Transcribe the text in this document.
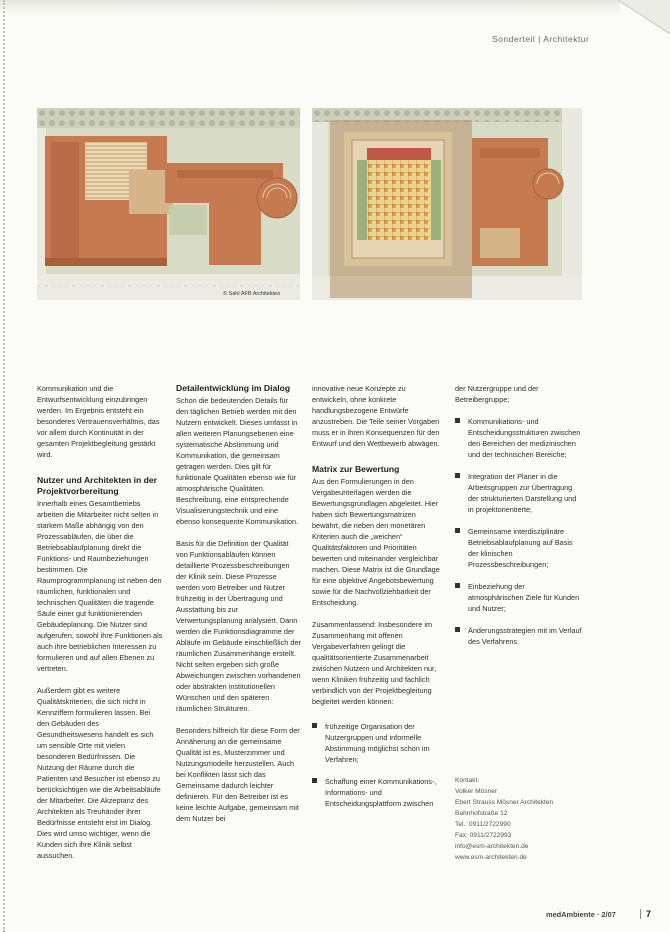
Sonderteil | Architektur
© Sahl AFB Architekten

Kommunikation und die Entwurfsentwicklung einzubringen werden. Im Ergebnis entsteht ein besonderes Vertrauensverhältnis, das vor allem durch Kontinuität in der gesamten Projektbegleitung gestärkt wird.

Nutzer und Architekten in der Projektvorbereitung

Innerhalb eines Gesamtbetriebs arbeiten die Mitarbeiter nicht selten in starkem Maße abhängig von den Prozessabläufen, die über die Betriebsablaufplanung direkt die Funktions- und Raumbeziehungen bestimmen. Die Raumprogrammplanung ist neben den räumlichen, funktionalen und technischen Qualitäten die tragende Säule einer gut funktionierenden Gebäudeplanung. Die Nutzer sind aufgerufen, sowohl ihre Funktionen als auch ihre betrieblichen Interessen zu formulieren und auf allen Ebenen zu vertreten.

Außerdem gibt es weitere Qualitätskriterien, die sich nicht in Kennziffern formulieren lassen. Bei den Gebäuden des Gesundheitswesens handelt es sich um sensible Orte mit vielen besonderen Bedürfnissen. Die Nutzung der Räume durch die Patienten und Besucher ist ebenso zu berücksichtigen wie die Arbeitsabläufe der Mitarbeiter. Die Akzeptanz des Architekten als Treuhänder ihrer Bedürfnisse entsteht erst im Dialog. Dies wird umso wichtiger, wenn die Kunden sich ihre Klinik selbst aussuchen.

Detailentwicklung im Dialog

Schon die bedeutenden Details für den täglichen Betrieb werden mit den Nutzern entwickelt. Dieses umfasst in allen weiteren Planungsebenen eine systematische Abstimmung und Kommunikation, die gemeinsam getragen werden. Dies gilt für funktionale Qualitäten ebenso wie für atmosphärische Qualitäten. Beschreibung, eine entsprechende Visualisierungstechnik und eine ebenso konsequente Kommunikation.

Basis für die Definition der Qualität von Funktionsabläufen können detaillierte Prozessbeschreibungen der Klinik sein. Diese Prozesse werden vom Betreiber und Nutzer frühzeitig in der Übertragung und Ausstattung bis zur Verwertungsplanung analysiert. Dann werden die Funktionsdiagramme der Abläufe im Gebäude einschließlich der räumlichen Zusammenhänge erstellt. Nicht selten ergeben sich große Abweichungen zwischen vorhandenen oder abstrakten institutionellen Wünschen und den späteren räumlichen Strukturen.

Besonders hilfreich für diese Form der Annäherung an die gemeinsame Qualität ist es, Musterzimmer und Nutzungsmodelle herzustellen. Auch bei Konflikten lässt sich das Gemeinsame dadurch leichter definieren. Für den Betreiber ist es keine leichte Aufgabe, gemeinsam mit dem Nutzer bei

innovative neue Konzepte zu entwickeln, ohne konkrete handlungsbezogene Entwürfe anzustreben. Die Teile seiner Vorgaben muss er in ihren Konsequenzen für den Entwurf und den Wettbewerb abwägen.

Matrix zur Bewertung

Aus den Formulierungen in den Vergabeunterlagen werden die Bewertungsgrundlagen abgeleitet. Hier haben sich Bewertungsmatrizen bewährt, die neben den monetären Kriterien auch die „weichen“ Qualitätsfaktoren und Prioritäten bewerten und miteinander vergleichbar machen. Diese Matrix ist die Grundlage für eine objektive Angebotsbewertung sowie für die Nachvollziehbarkeit der Entscheidung.

Zusammenfassend: Insbesondere im Zusammenhang mit offenen Vergabeverfahren gelingt die qualitätsorientierte Zusammenarbeit zwischen Nutzern und Architekten nur, wenn Kliniken frühzeitig und fachlich verbindlich von der Projektbegleitung begleitet werden können:

frühzeitige Organisation der Nutzergruppen und informelle Abstimmung möglichst schon im Verfahren;
Schaffung einer Kommunikations-, Informations- und Entscheidungsplattform zwischen

der Nutzergruppe und der Betreibergruppe;

Kommunikations- und Entscheidungsstrukturen zwischen den Bereichen der medizinischen und der technischen Bereiche;
Integration der Planer in die Arbeitsgruppen zur Übertragung der strukturierten Darstellung und in projektorientierte;
Gemeinsame interdisziplinäre Betriebsablaufplanung auf Basis der klinischen Prozessbeschreibungen;
Einbeziehung der atmosphärischen Ziele für Kunden und Nutzer;
Änderungsstrategien mit im Verlauf des Verfahrens.
Kontakt:
Volker Mösner
Ebert Strauss Mösner Architekten
Bahnhofstraße 12
Tel.: 0911/2722990
Fax: 0911/2722993
info@esm-architekten.de
www.esm-architekten.de
medAmbiente · 2/07	7
